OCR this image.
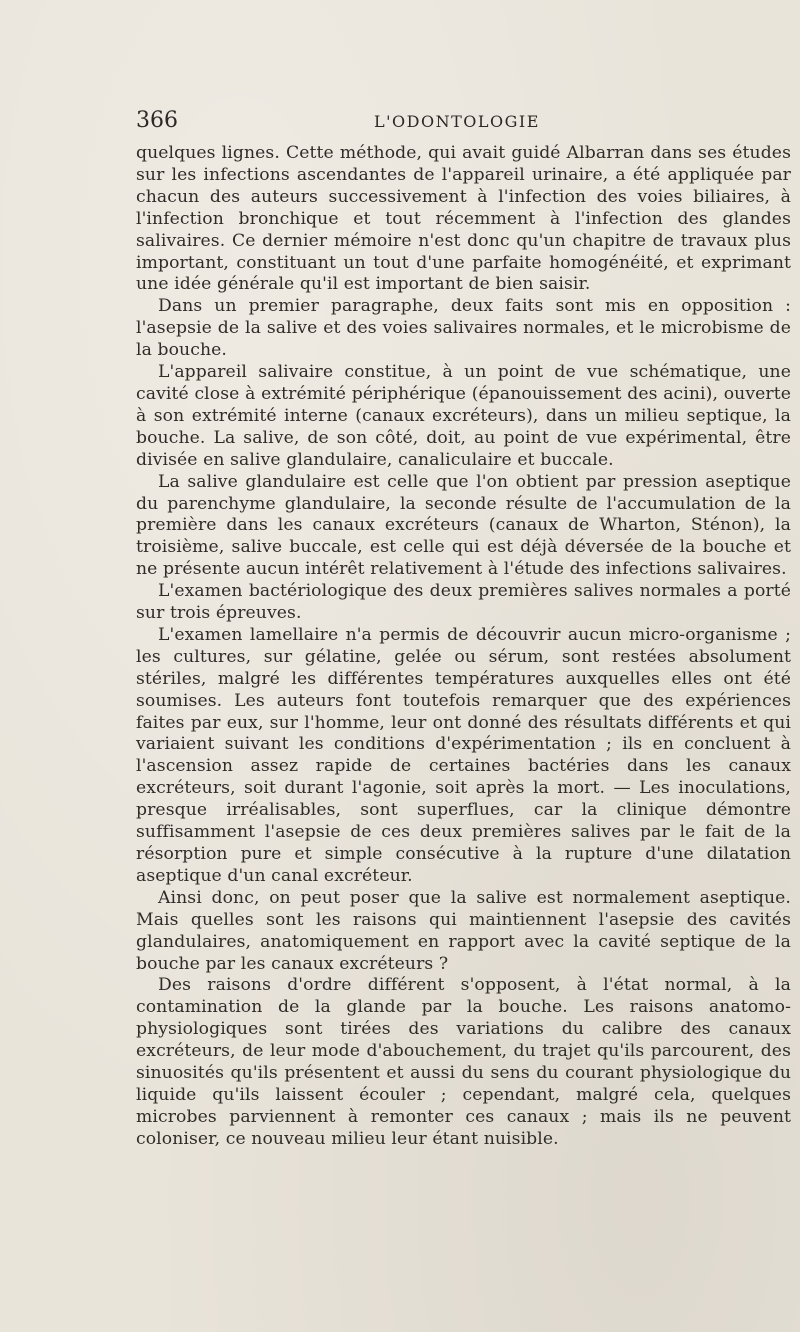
366	L'ODONTOLOGIE

quelques lignes. Cette méthode, qui avait guidé Albarran dans ses études sur les infections ascendantes de l'appareil urinaire, a été appliquée par chacun des auteurs successivement à l'infection des voies biliaires, à l'infection bronchique et tout récemment à l'infection des glandes salivaires. Ce dernier mémoire n'est donc qu'un chapitre de travaux plus important, constituant un tout d'une parfaite homogénéité, et exprimant une idée générale qu'il est important de bien saisir.

Dans un premier paragraphe, deux faits sont mis en opposition : l'asepsie de la salive et des voies salivaires normales, et le microbisme de la bouche.

L'appareil salivaire constitue, à un point de vue schématique, une cavité close à extrémité périphérique (épanouissement des acini), ouverte à son extrémité interne (canaux excréteurs), dans un milieu septique, la bouche. La salive, de son côté, doit, au point de vue expérimental, être divisée en salive glandulaire, canaliculaire et buccale.

La salive glandulaire est celle que l'on obtient par pression aseptique du parenchyme glandulaire, la seconde résulte de l'accumulation de la première dans les canaux excréteurs (canaux de Wharton, Sténon), la troisième, salive buccale, est celle qui est déjà déversée de la bouche et ne présente aucun intérêt relativement à l'étude des infections salivaires.

L'examen bactériologique des deux premières salives normales a porté sur trois épreuves.

L'examen lamellaire n'a permis de découvrir aucun micro-organisme ; les cultures, sur gélatine, gelée ou sérum, sont restées absolument stériles, malgré les différentes températures auxquelles elles ont été soumises. Les auteurs font toutefois remarquer que des expériences faites par eux, sur l'homme, leur ont donné des résultats différents et qui variaient suivant les conditions d'expérimentation ; ils en concluent à l'ascension assez rapide de certaines bactéries dans les canaux excréteurs, soit durant l'agonie, soit après la mort. — Les inoculations, presque irréalisables, sont superflues, car la clinique démontre suffisamment l'asepsie de ces deux premières salives par le fait de la résorption pure et simple consécutive à la rupture d'une dilatation aseptique d'un canal excréteur.

Ainsi donc, on peut poser que la salive est normalement aseptique. Mais quelles sont les raisons qui maintiennent l'asepsie des cavités glandulaires, anatomiquement en rapport avec la cavité septique de la bouche par les canaux excréteurs ?

Des raisons d'ordre différent s'opposent, à l'état normal, à la contamination de la glande par la bouche. Les raisons anatomo-physiologiques sont tirées des variations du calibre des canaux excréteurs, de leur mode d'abouchement, du trajet qu'ils parcourent, des sinuosités qu'ils présentent et aussi du sens du courant physiologique du liquide qu'ils laissent écouler ; cependant, malgré cela, quelques microbes parviennent à remonter ces canaux ; mais ils ne peuvent coloniser, ce nouveau milieu leur étant nuisible.
